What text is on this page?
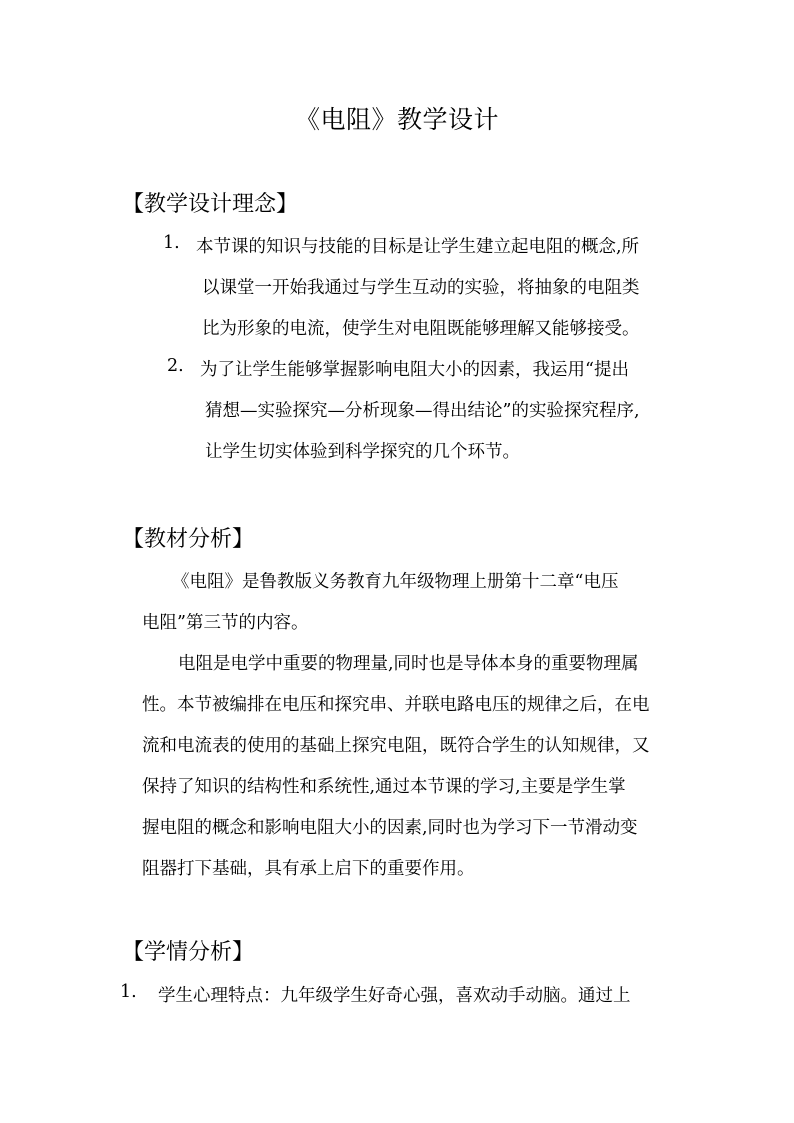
《电阻》教学设计

【教学设计理念】

1. 本节课的知识与技能的目标是让学生建立起电阻的概念,所

以课堂一开始我通过与学生互动的实验，将抽象的电阻类

比为形象的电流，使学生对电阻既能够理解又能够接受。

2. 为了让学生能够掌握影响电阻大小的因素，我运用“提出

猜想—实验探究—分析现象—得出结论”的实验探究程序,

让学生切实体验到科学探究的几个环节。

【教材分析】

《电阻》是鲁教版义务教育九年级物理上册第十二章“电压

电阻”第三节的内容。

电阻是电学中重要的物理量,同时也是导体本身的重要物理属

性。本节被编排在电压和探究串、并联电路电压的规律之后，在电

流和电流表的使用的基础上探究电阻，既符合学生的认知规律，又

保持了知识的结构性和系统性,通过本节课的学习,主要是学生掌

握电阻的概念和影响电阻大小的因素,同时也为学习下一节滑动变

阻器打下基础，具有承上启下的重要作用。

【学情分析】

1. 学生心理特点：九年级学生好奇心强，喜欢动手动脑。通过上
